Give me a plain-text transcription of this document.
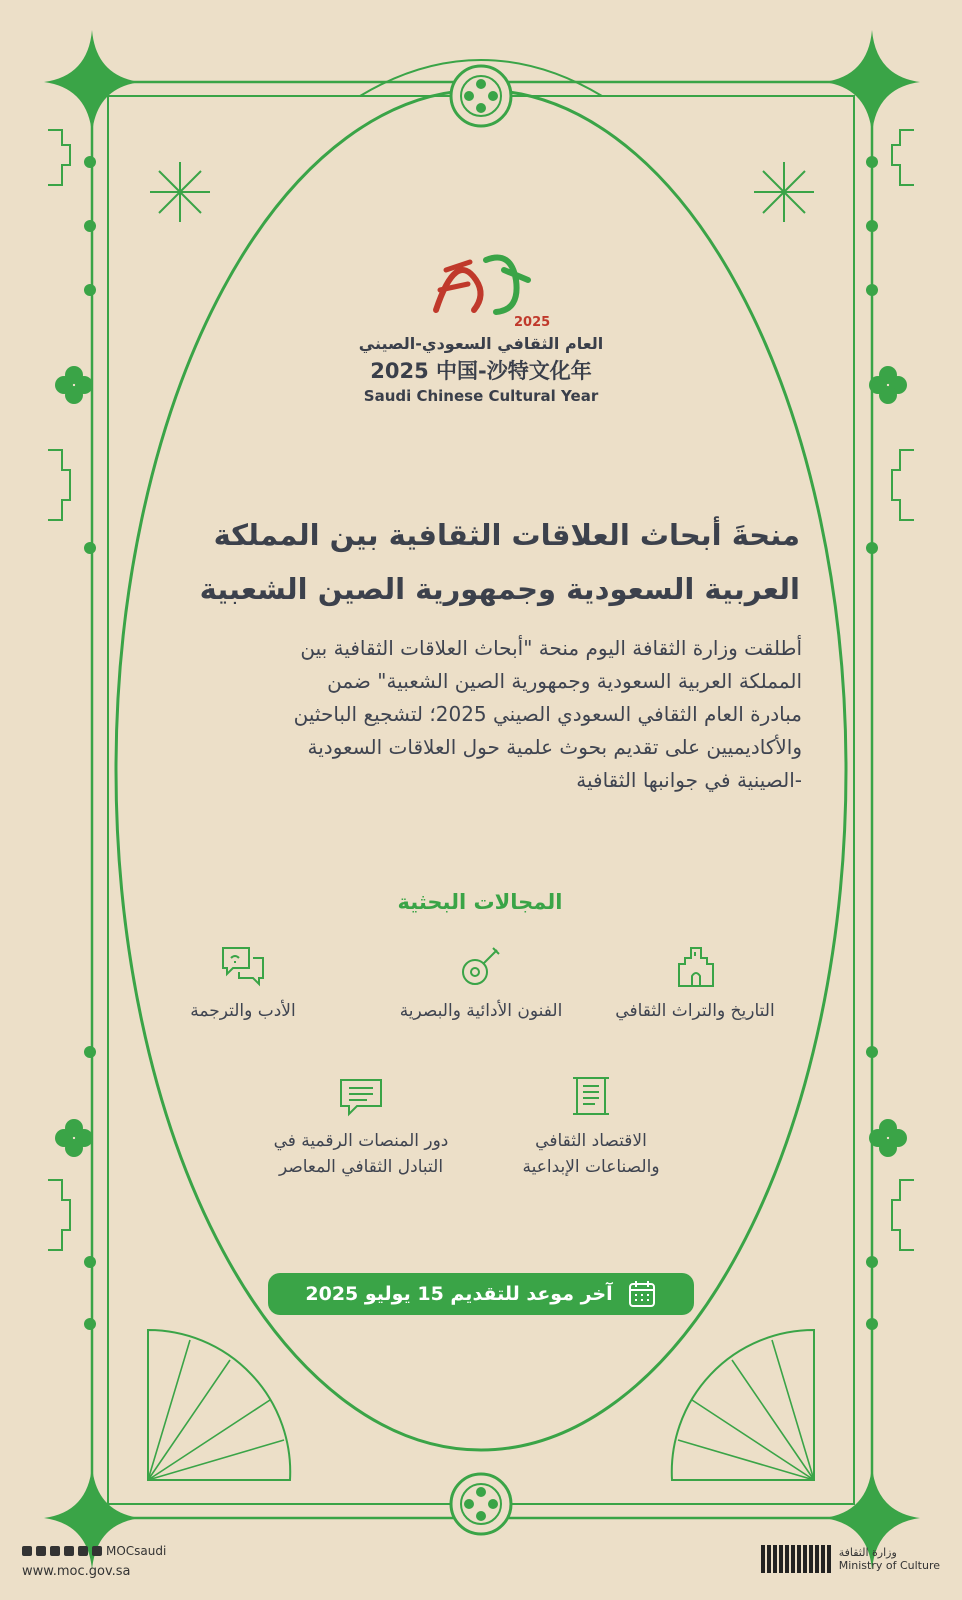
2025
العام الثقافي السعودي-الصيني
2025 中国-沙特文化年
Saudi Chinese Cultural Year
منحةَ أبحاث العلاقات الثقافية بين المملكة
العربية السعودية وجمهورية الصين الشعبية
أطلقت وزارة الثقافة اليوم منحة "أبحاث العلاقات الثقافية بين
المملكة العربية السعودية وجمهورية الصين الشعبية" ضمن
مبادرة العام الثقافي السعودي الصيني 2025؛ لتشجيع الباحثين
والأكاديميين على تقديم بحوث علمية حول العلاقات السعودية
-الصينية في جوانبها الثقافية
المجالات البحثية
التاريخ والتراث الثقافي
الفنون الأدائية والبصرية
الأدب والترجمة
الاقتصاد الثقافي
والصناعات الإبداعية
دور المنصات الرقمية في
التبادل الثقافي المعاصر
آخر موعد للتقديم 15 يوليو 2025
MOCsaudi
www.moc.gov.sa
وزارة الثقافة
Ministry of Culture
